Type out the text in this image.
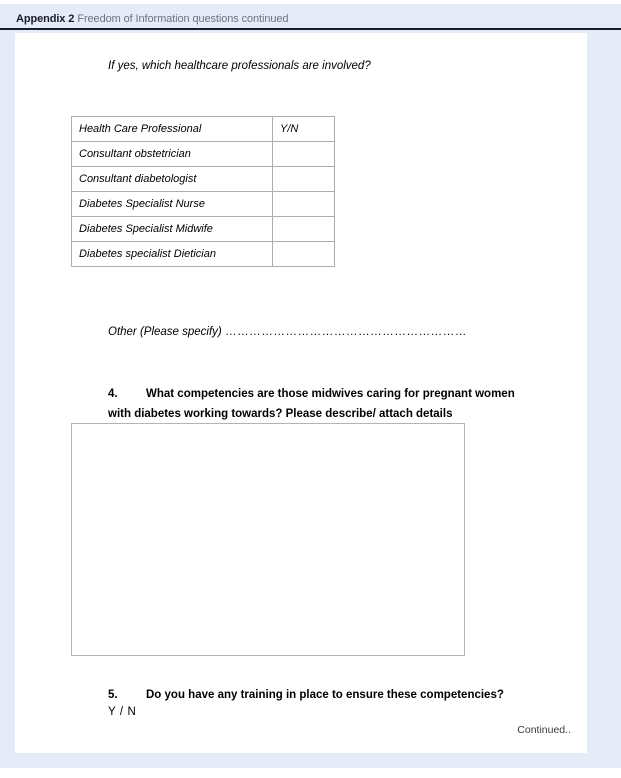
Appendix 2 Freedom of Information questions continued
If yes, which healthcare professionals are involved?
Health Care Professional	Y/N
Consultant obstetrician	
Consultant diabetologist	
Diabetes Specialist Nurse	
Diabetes Specialist Midwife	
Diabetes specialist Dietician	
Other (Please specify) ……………………………………………………
4. What competencies are those midwives caring for pregnant women with diabetes working towards? Please describe/ attach details
5. Do you have any training in place to ensure these competencies?
Y / N
Continued..
